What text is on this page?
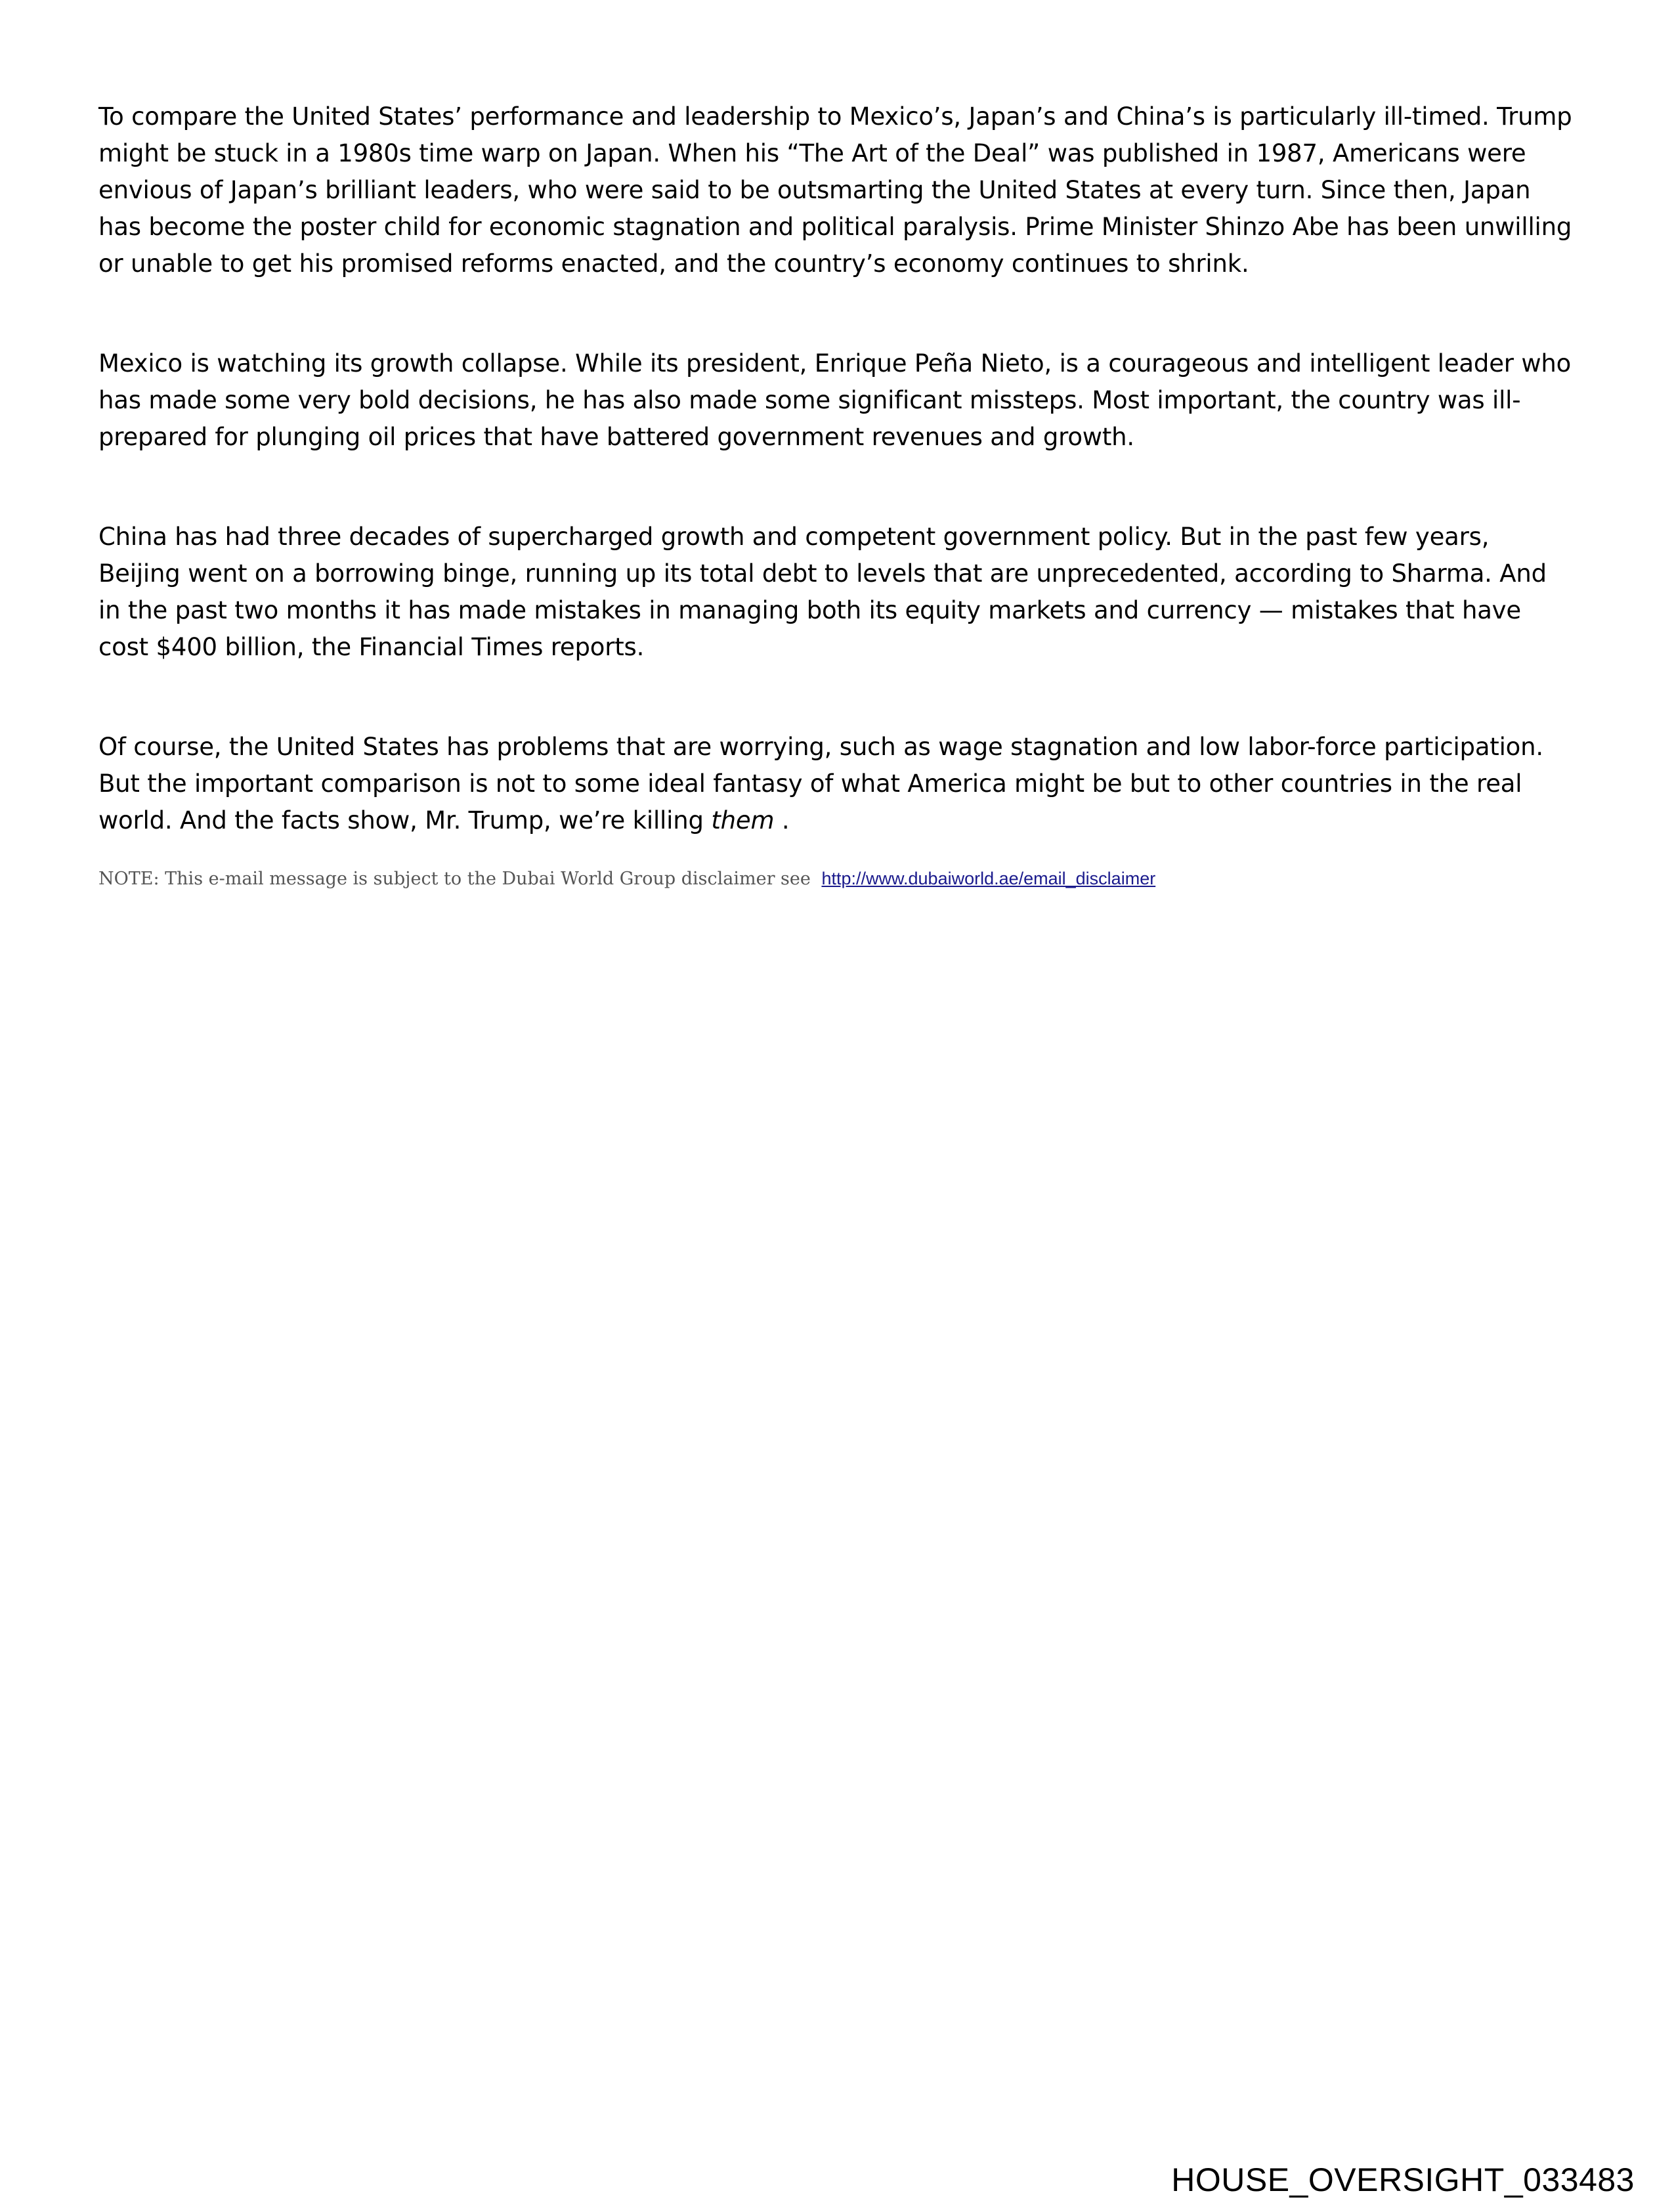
To compare the United States’ performance and leadership to Mexico’s, Japan’s and China’s is particularly ill-timed. Trump might be stuck in a 1980s time warp on Japan. When his “The Art of the Deal” was published in 1987, Americans were envious of Japan’s brilliant leaders, who were said to be outsmarting the United States at every turn. Since then, Japan has become the poster child for economic stagnation and political paralysis. Prime Minister Shinzo Abe has been unwilling or unable to get his promised reforms enacted, and the country’s economy continues to shrink.

Mexico is watching its growth collapse. While its president, Enrique Peña Nieto, is a courageous and intelligent leader who has made some very bold decisions, he has also made some significant missteps. Most important, the country was ill-prepared for plunging oil prices that have battered government revenues and growth.

China has had three decades of supercharged growth and competent government policy. But in the past few years, Beijing went on a borrowing binge, running up its total debt to levels that are unprecedented, according to Sharma. And in the past two months it has made mistakes in managing both its equity markets and currency — mistakes that have cost $400 billion, the Financial Times reports.

Of course, the United States has problems that are worrying, such as wage stagnation and low labor-force participation. But the important comparison is not to some ideal fantasy of what America might be but to other countries in the real world. And the facts show, Mr. Trump, we’re killing them .

NOTE: This e-mail message is subject to the Dubai World Group disclaimer see http://www.dubaiworld.ae/email_disclaimer
HOUSE_OVERSIGHT_033483
